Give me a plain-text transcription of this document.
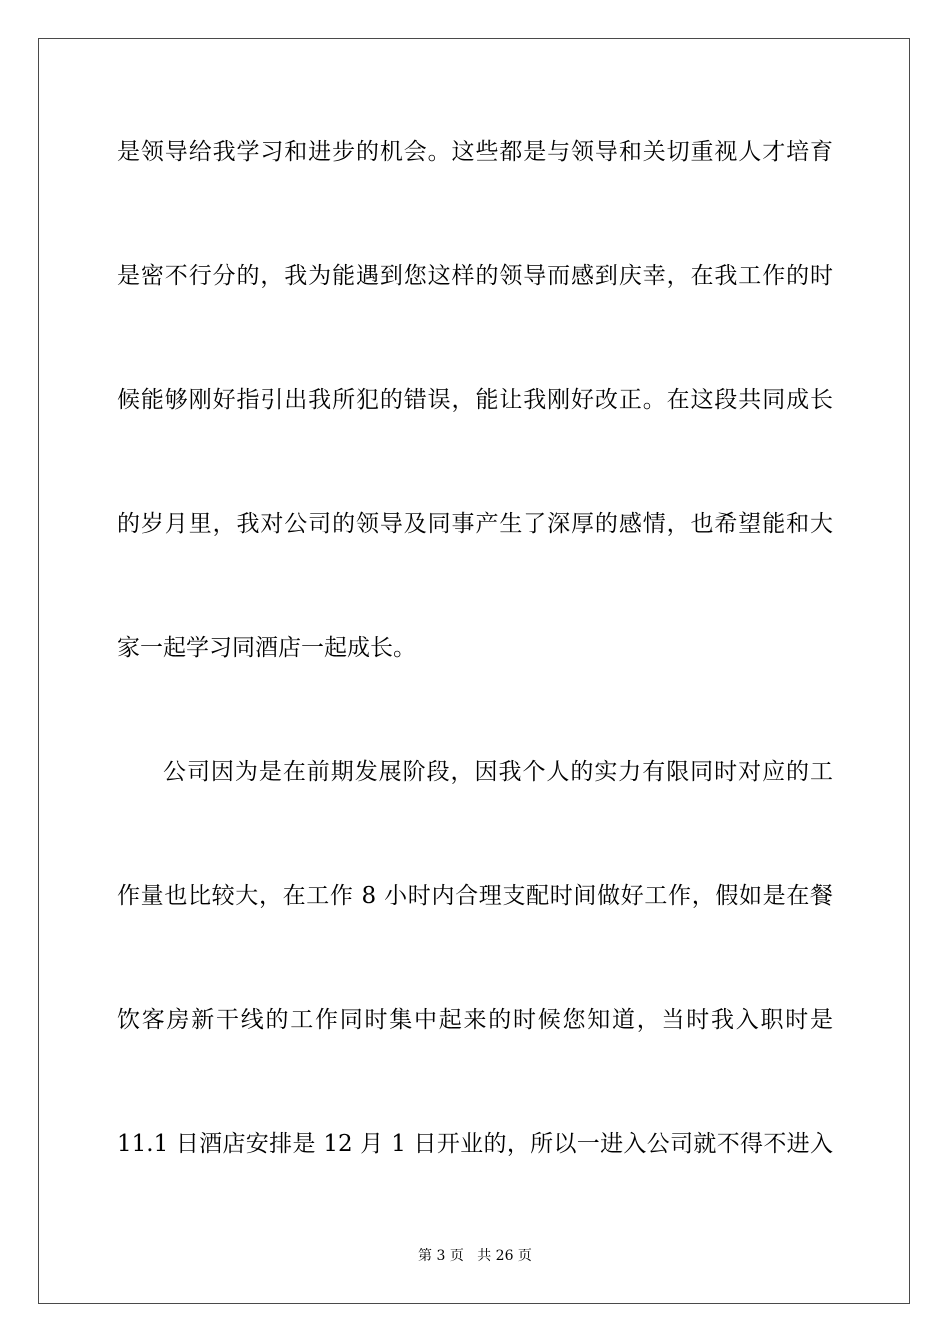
是领导给我学习和进步的机会。这些都是与领导和关切重视人才培育
是密不行分的，我为能遇到您这样的领导而感到庆幸，在我工作的时
候能够刚好指引出我所犯的错误，能让我刚好改正。在这段共同成长
的岁月里，我对公司的领导及同事产生了深厚的感情，也希望能和大
家一起学习同酒店一起成长。
公司因为是在前期发展阶段，因我个人的实力有限同时对应的工
作量也比较大，在工作 8 小时内合理支配时间做好工作，假如是在餐
饮客房新干线的工作同时集中起来的时候您知道，当时我入职时是
11.1 日酒店安排是 12 月 1 日开业的，所以一进入公司就不得不进入
第 3 页 共 26 页
